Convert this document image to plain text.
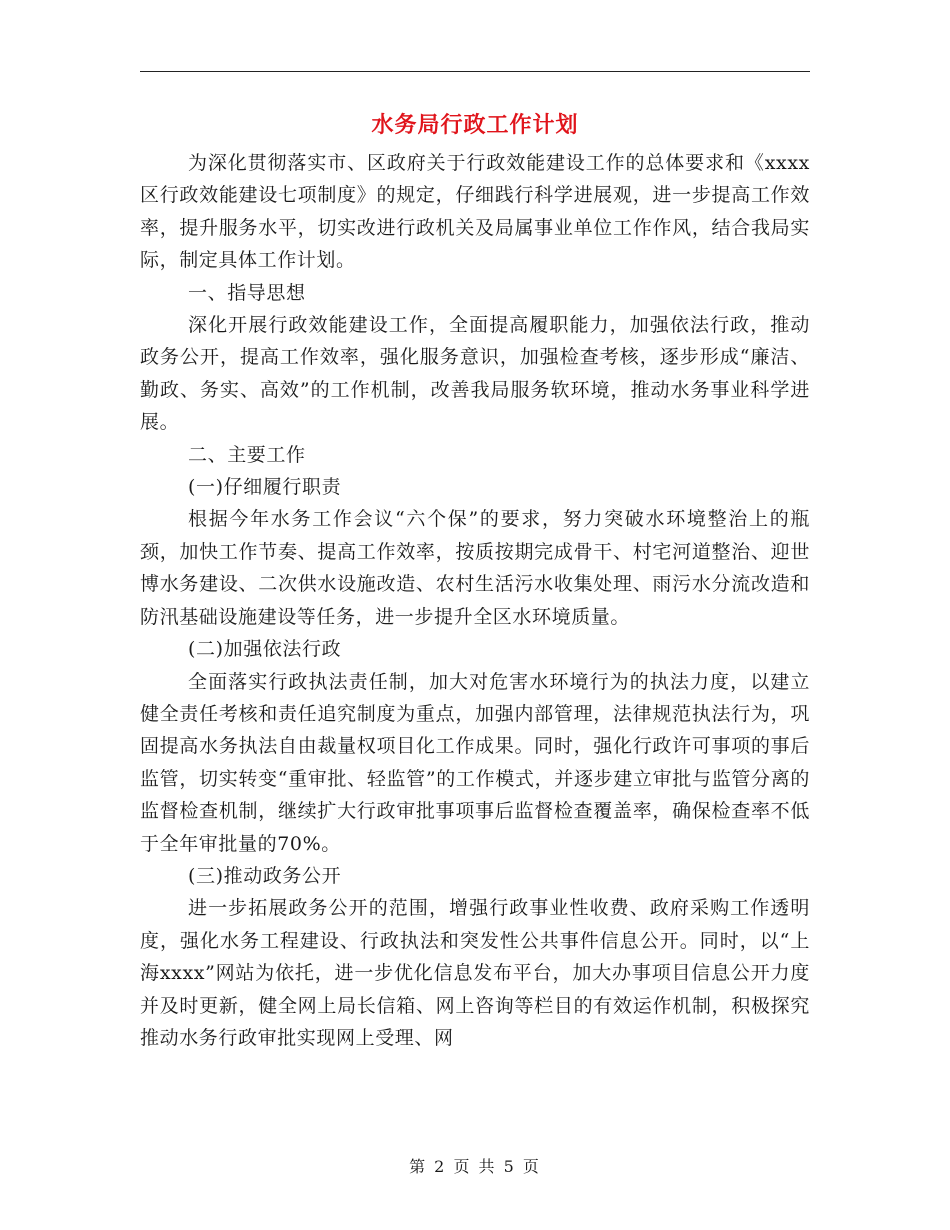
水务局行政工作计划

为深化贯彻落实市、区政府关于行政效能建设工作的总体要求和《xxxx区行政效能建设七项制度》的规定，仔细践行科学进展观，进一步提高工作效率，提升服务水平，切实改进行政机关及局属事业单位工作作风，结合我局实际，制定具体工作计划。

一、指导思想

深化开展行政效能建设工作，全面提高履职能力，加强依法行政，推动政务公开，提高工作效率，强化服务意识，加强检查考核，逐步形成“廉洁、勤政、务实、高效”的工作机制，改善我局服务软环境，推动水务事业科学进展。

二、主要工作

(一)仔细履行职责

根据今年水务工作会议“六个保”的要求，努力突破水环境整治上的瓶颈，加快工作节奏、提高工作效率，按质按期完成骨干、村宅河道整治、迎世博水务建设、二次供水设施改造、农村生活污水收集处理、雨污水分流改造和防汛基础设施建设等任务，进一步提升全区水环境质量。

(二)加强依法行政

全面落实行政执法责任制，加大对危害水环境行为的执法力度，以建立健全责任考核和责任追究制度为重点，加强内部管理，法律规范执法行为，巩固提高水务执法自由裁量权项目化工作成果。同时，强化行政许可事项的事后监管，切实转变“重审批、轻监管”的工作模式，并逐步建立审批与监管分离的监督检查机制，继续扩大行政审批事项事后监督检查覆盖率，确保检查率不低于全年审批量的70%。

(三)推动政务公开

进一步拓展政务公开的范围，增强行政事业性收费、政府采购工作透明度，强化水务工程建设、行政执法和突发性公共事件信息公开。同时，以“上海xxxx”网站为依托，进一步优化信息发布平台，加大办事项目信息公开力度并及时更新，健全网上局长信箱、网上咨询等栏目的有效运作机制，积极探究推动水务行政审批实现网上受理、网

第 2 页 共 5 页
